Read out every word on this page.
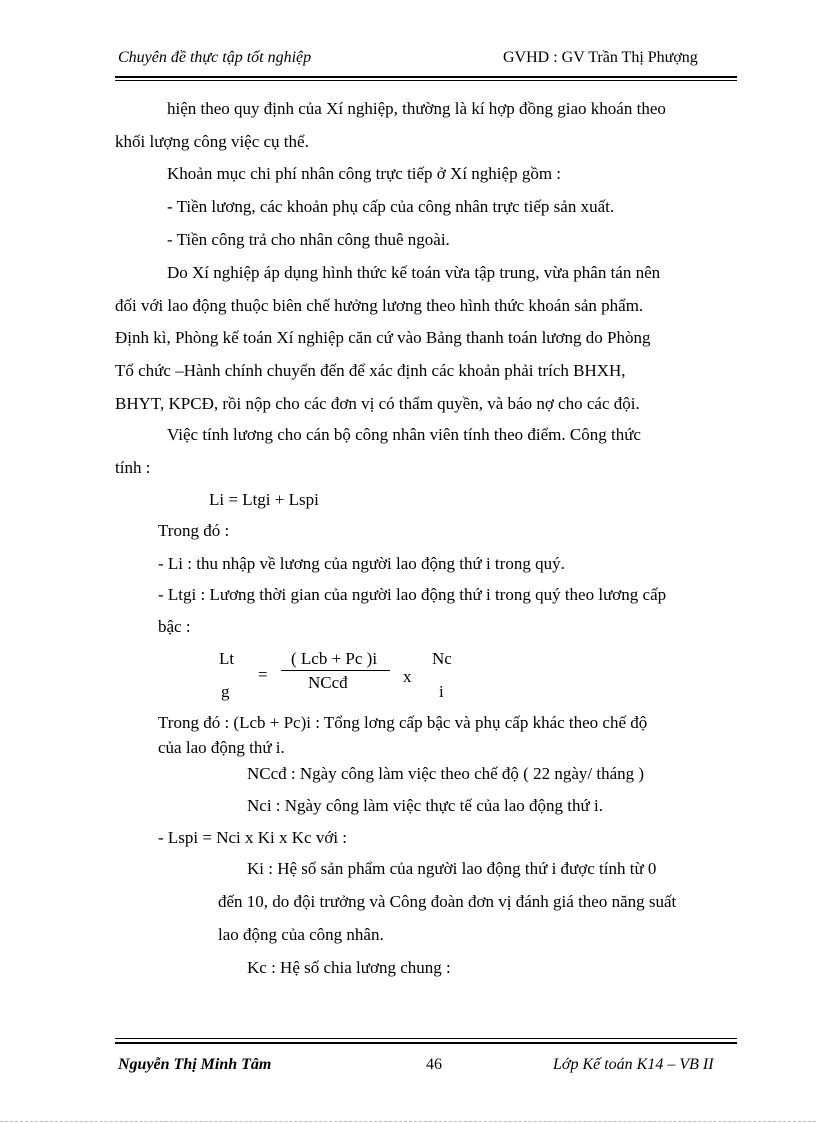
Chuyên đề thực tập tốt nghiệp	GVHD : GV Trần Thị Phượng
hiện theo quy định của Xí nghiệp, thường là kí hợp đồng giao khoán theo
khối lượng công việc cụ thể.
Khoản mục chi phí nhân công trực tiếp ở Xí nghiệp gồm :
- Tiền lương, các khoản phụ cấp của công nhân trực tiếp sản xuất.
- Tiền công trả cho nhân công thuê ngoài.
Do Xí nghiệp áp dụng hình thức kế toán vừa tập trung, vừa phân tán nên
đối với lao động thuộc biên chế hưởng lương theo hình thức khoán sản phẩm.
Định kì, Phòng kế toán Xí nghiệp căn cứ vào Bảng thanh toán lương do Phòng
Tổ chức –Hành chính chuyển đến để xác định các khoản phải trích BHXH,
BHYT, KPCĐ, rồi nộp cho các đơn vị có thẩm quyền, và báo nợ cho các đội.
Việc tính lương cho cán bộ công nhân viên tính theo điểm. Công thức
tính :
Li = Ltgi + Lspi
Trong đó :
- Li : thu nhập về lương của người lao động thứ i trong quý.
- Ltgi : Lương thời gian của người lao động thứ i trong quý theo lương cấp
bậc :
Lt
g
=
( Lcb + Pc )i
NCcđ	x
Nc
i
Trong đó : (Lcb + Pc)i : Tổng lơng cấp bậc và phụ cấp khác theo chế độ
của lao động thứ i.
NCcđ : Ngày công làm việc theo chế độ ( 22 ngày/ tháng )
Nci : Ngày công làm việc thực tế của lao động thứ i.
- Lspi = Nci x Ki x Kc với :
Ki : Hệ số sản phẩm của người lao động thứ i được tính từ 0
đến 10, do đội trưởng và Công đoàn đơn vị đánh giá theo năng suất
lao động của công nhân.
Kc : Hệ số chia lương chung :
Nguyễn Thị Minh Tâm	46	Lớp Kế toán K14 – VB II
